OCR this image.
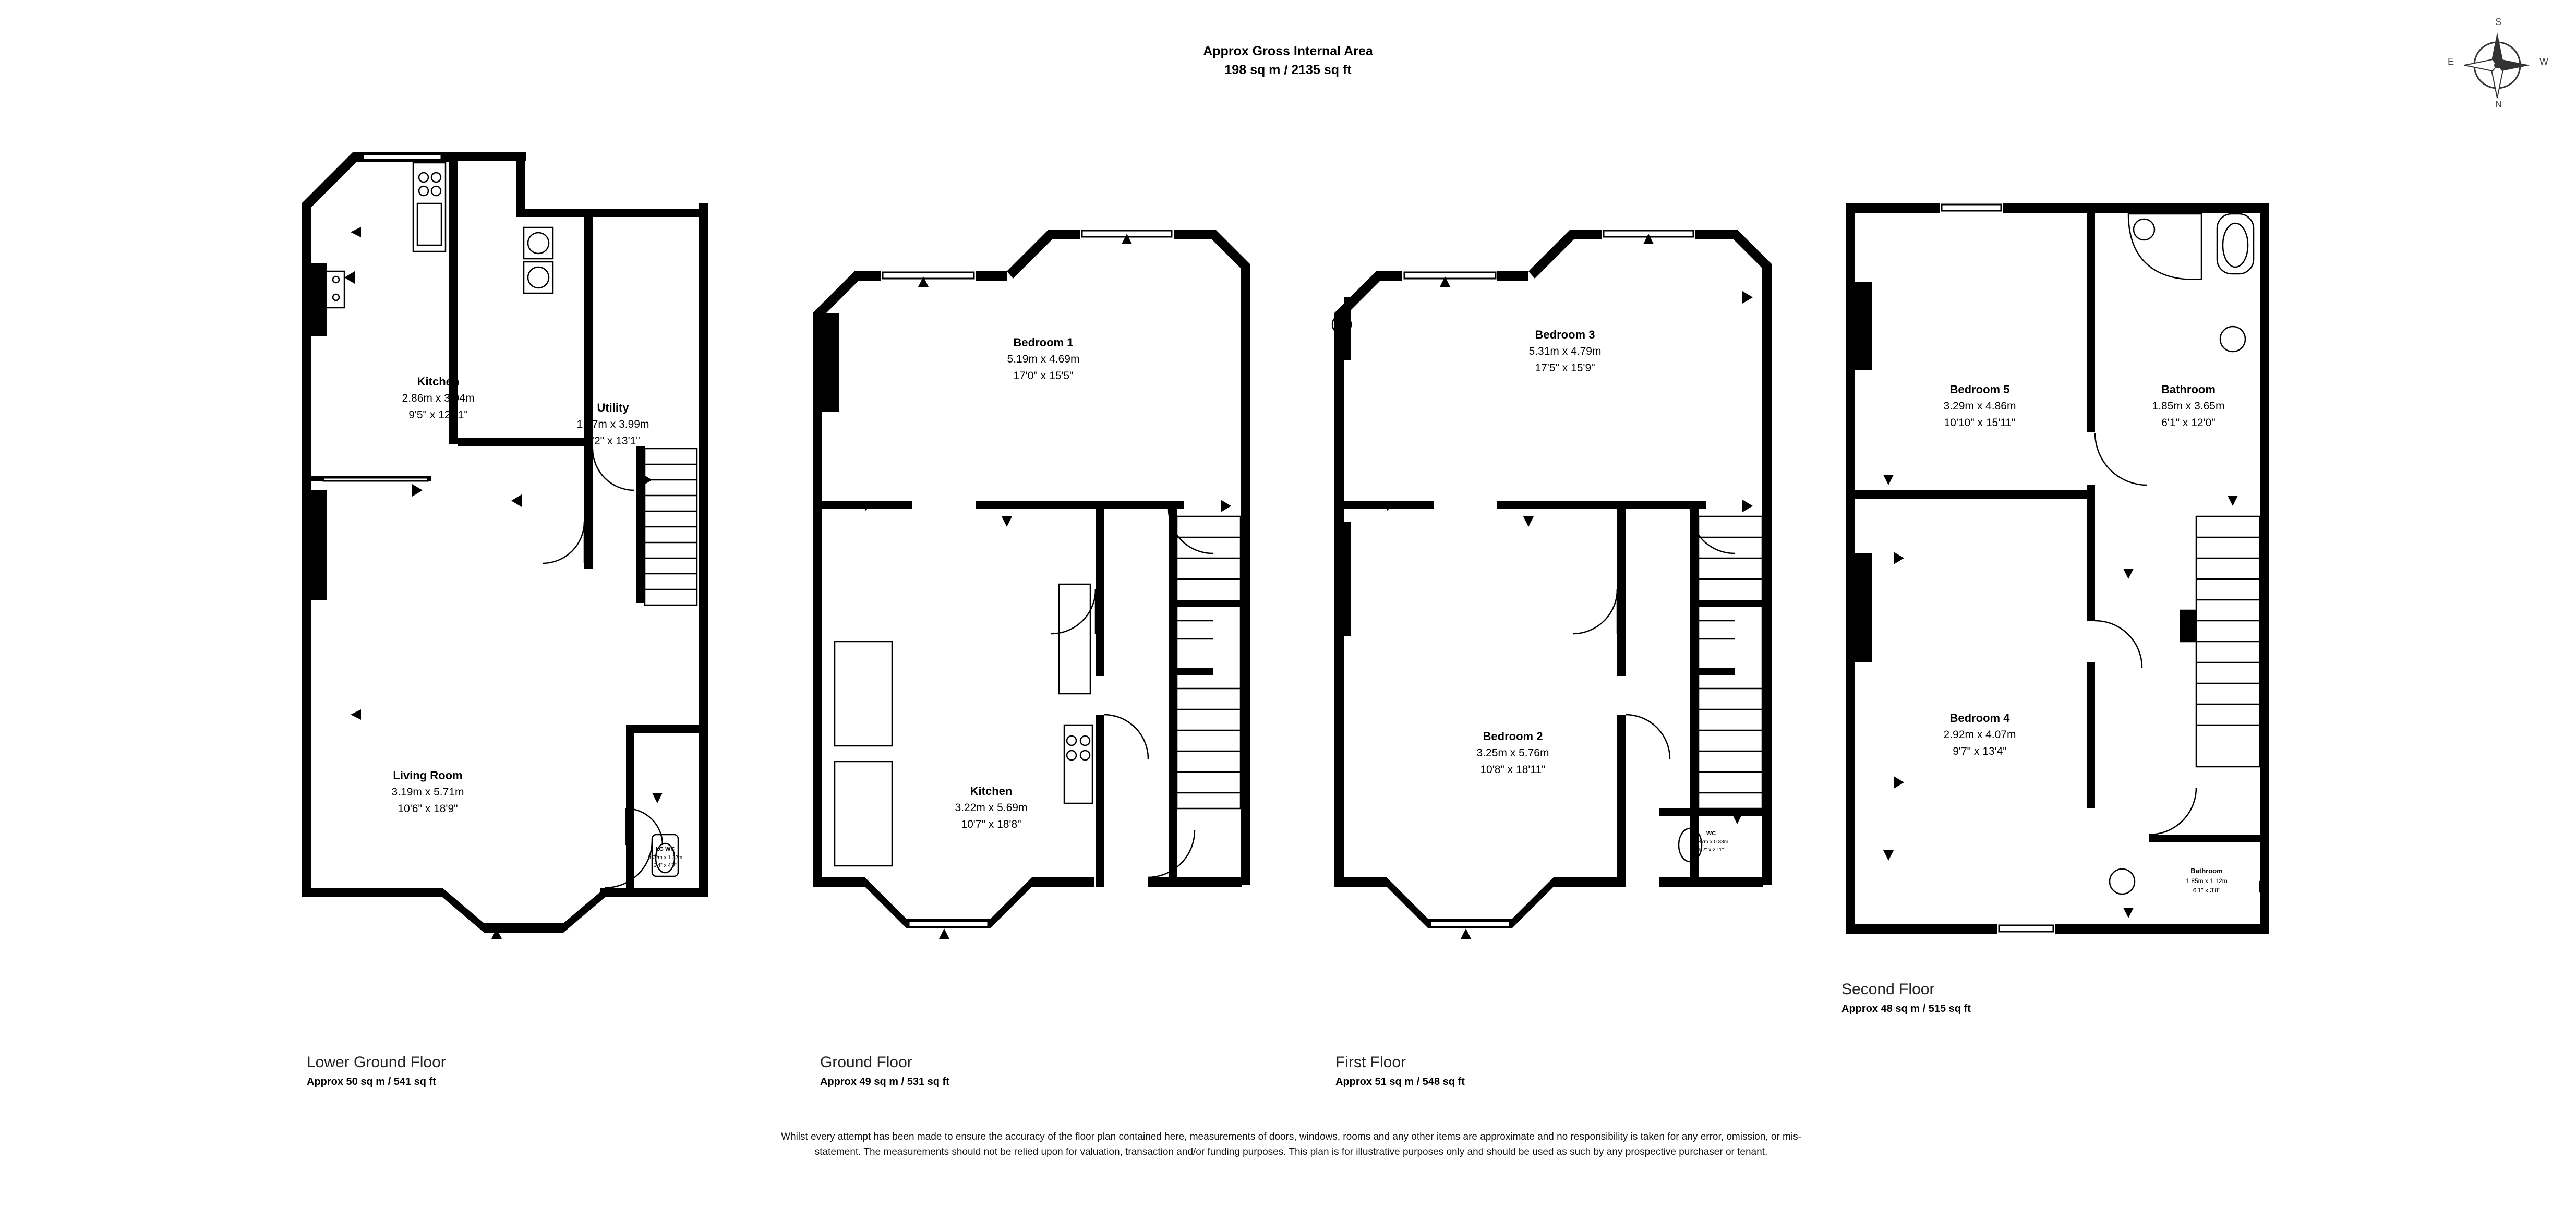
Approx Gross Internal Area
198 sq m / 2135 sq ft
S
N
E	W
Kitchen
2.86m x 3.94m
9'5" x 12'11"
Utility
1.87m x 3.99m
6'2" x 13'1"
Living Room
3.19m x 5.71m
10'6" x 18'9"
LG WC
0.72m x 1.22m
2'4" x 4'0"
Lower Ground Floor
Approx 50 sq m / 541 sq ft
Bedroom 1
5.19m x 4.69m
17'0" x 15'5"
Kitchen
3.22m x 5.69m
10'7" x 18'8"
Ground Floor
Approx 49 sq m / 531 sq ft
Bedroom 3
5.31m x 4.79m
17'5" x 15'9"
Bedroom 2
3.25m x 5.76m
10'8" x 18'11"
WC
1.87m x 0.88m
6'2" x 2'11"
First Floor
Approx 51 sq m / 548 sq ft
Bedroom 5
3.29m x 4.86m
10'10" x 15'11"
Bathroom
1.85m x 3.65m
6'1" x 12'0"
Bedroom 4
2.92m x 4.07m
9'7" x 13'4"
Bathroom
1.85m x 1.12m
6'1" x 3'8"
Second Floor
Approx 48 sq m / 515 sq ft
Whilst every attempt has been made to ensure the accuracy of the floor plan contained here, measurements of doors, windows, rooms and any other items are approximate and no responsibility is taken for any error, omission, or mis-statement. The measurements should not be relied upon for valuation, transaction and/or funding purposes. This plan is for illustrative purposes only and should be used as such by any prospective purchaser or tenant.
